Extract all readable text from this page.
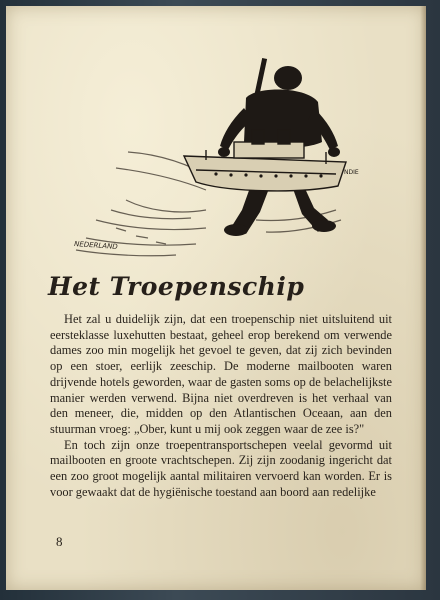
NDIE
NEDERLAND
Het Troepenschip

Het zal u duidelijk zijn, dat een troepenschip niet uitsluitend uit eersteklasse luxehutten bestaat, geheel erop berekend om verwende dames zoo min mogelijk het gevoel te geven, dat zij zich bevinden op een stoer, eerlijk zeeschip. De moderne mailbooten waren drijvende hotels geworden, waar de gasten soms op de belachelijkste manier werden verwend. Bijna niet overdreven is het verhaal van den meneer, die, midden op den Atlantischen Oceaan, aan den stuurman vroeg: „Ober, kunt u mij ook zeggen waar de zee is?"

En toch zijn onze troepentransportschepen veelal gevormd uit mailbooten en groote vrachtschepen. Zij zijn zoodanig ingericht dat een zoo groot mogelijk aantal militairen vervoerd kan worden. Er is voor gewaakt dat de hygiënische toestand aan boord aan redelijke

8
